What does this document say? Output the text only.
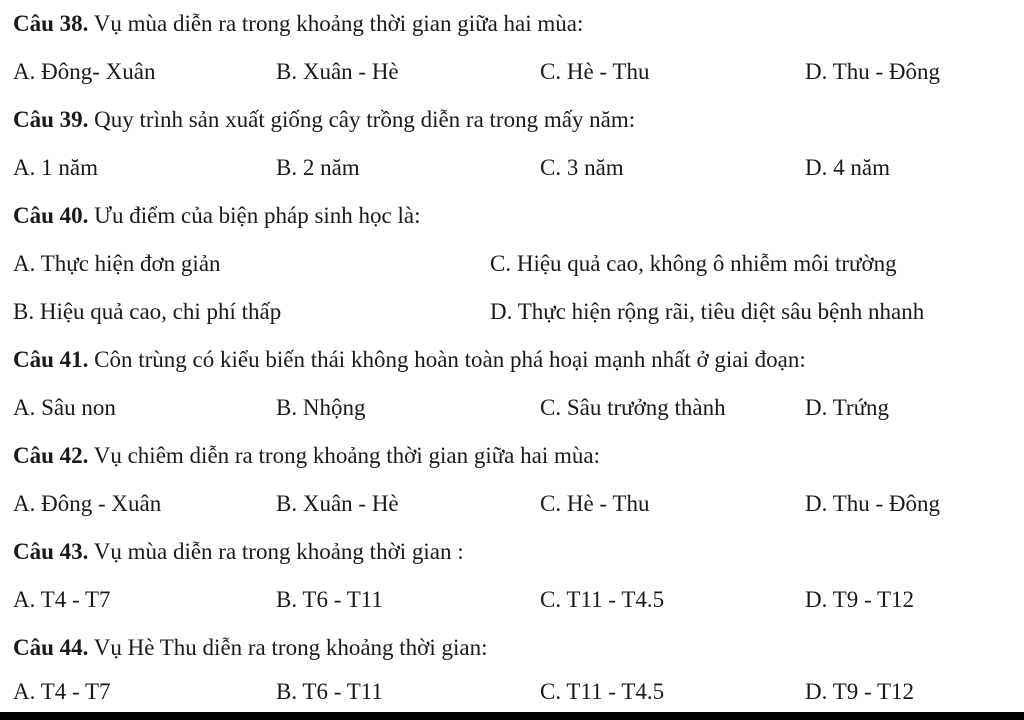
Câu 38. Vụ mùa diễn ra trong khoảng thời gian giữa hai mùa:
A. Đông- Xuân	B. Xuân - Hè	C. Hè - Thu	D. Thu - Đông
Câu 39. Quy trình sản xuất giống cây trồng diễn ra trong mấy năm:
A. 1 năm	B. 2 năm	C. 3 năm	D. 4 năm
Câu 40. Ưu điểm của biện pháp sinh học là:
A. Thực hiện đơn giản	C. Hiệu quả cao, không ô nhiễm môi trường
B. Hiệu quả cao, chi phí thấp	D. Thực hiện rộng rãi, tiêu diệt sâu bệnh nhanh
Câu 41. Côn trùng có kiểu biến thái không hoàn toàn phá hoại mạnh nhất ở giai đoạn:
A. Sâu non	B. Nhộng	C. Sâu trưởng thành	D. Trứng
Câu 42. Vụ chiêm diễn ra trong khoảng thời gian giữa hai mùa:
A. Đông - Xuân	B. Xuân - Hè	C. Hè - Thu	D. Thu - Đông
Câu 43. Vụ mùa diễn ra trong khoảng thời gian :
A. T4 - T7	B. T6 - T11	C. T11 - T4.5	D. T9 - T12
Câu 44. Vụ Hè Thu diễn ra trong khoảng thời gian:
A. T4 - T7	B. T6 - T11	C. T11 - T4.5	D. T9 - T12
